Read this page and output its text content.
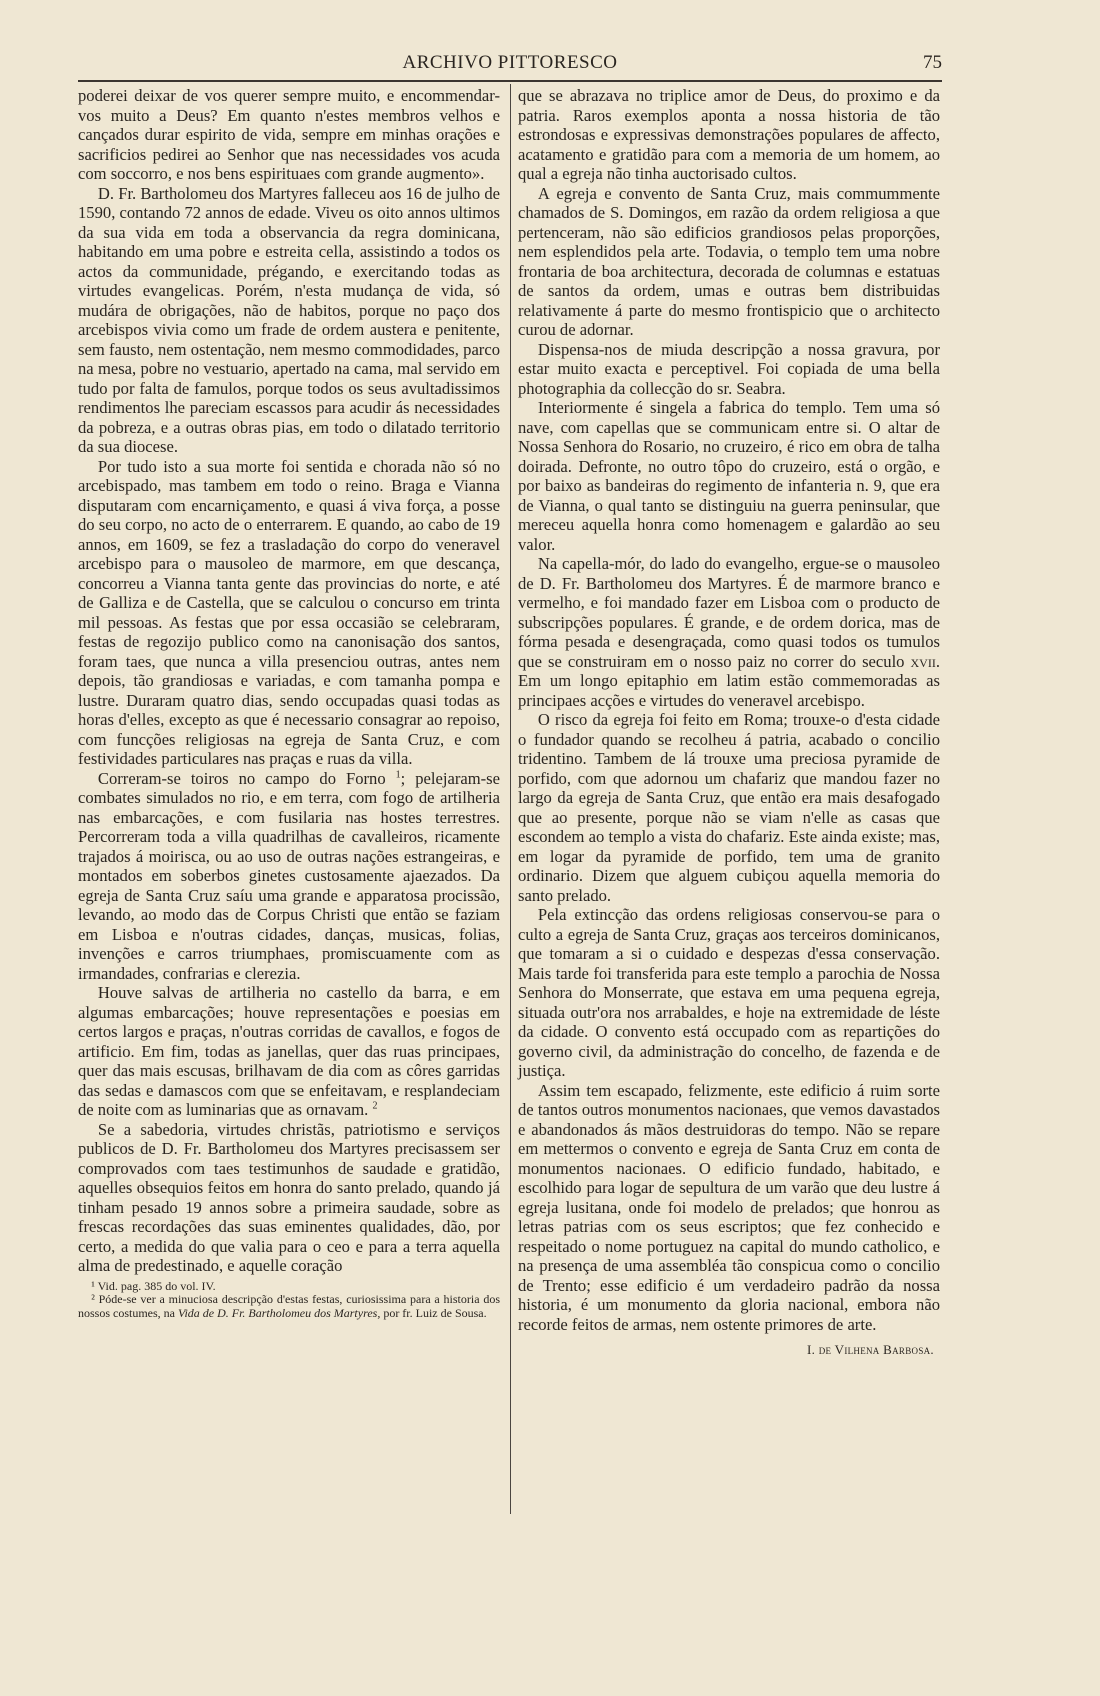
ARCHIVO PITTORESCO	75

poderei deixar de vos querer sempre muito, e encommendar-vos muito a Deus? Em quanto n'estes membros velhos e cançados durar espirito de vida, sempre em minhas orações e sacrificios pedirei ao Senhor que nas necessidades vos acuda com soccorro, e nos bens espirituaes com grande augmento».

D. Fr. Bartholomeu dos Martyres falleceu aos 16 de julho de 1590, contando 72 annos de edade. Viveu os oito annos ultimos da sua vida em toda a observancia da regra dominicana, habitando em uma pobre e estreita cella, assistindo a todos os actos da communidade, prégando, e exercitando todas as virtudes evangelicas. Porém, n'esta mudança de vida, só mudára de obrigações, não de habitos, porque no paço dos arcebispos vivia como um frade de ordem austera e penitente, sem fausto, nem ostentação, nem mesmo commodidades, parco na mesa, pobre no vestuario, apertado na cama, mal servido em tudo por falta de famulos, porque todos os seus avultadissimos rendimentos lhe pareciam escassos para acudir ás necessidades da pobreza, e a outras obras pias, em todo o dilatado territorio da sua diocese.

Por tudo isto a sua morte foi sentida e chorada não só no arcebispado, mas tambem em todo o reino. Braga e Vianna disputaram com encarniçamento, e quasi á viva força, a posse do seu corpo, no acto de o enterrarem. E quando, ao cabo de 19 annos, em 1609, se fez a trasladação do corpo do veneravel arcebispo para o mausoleo de marmore, em que descança, concorreu a Vianna tanta gente das provincias do norte, e até de Galliza e de Castella, que se calculou o concurso em trinta mil pessoas. As festas que por essa occasião se celebraram, festas de regozijo publico como na canonisação dos santos, foram taes, que nunca a villa presenciou outras, antes nem depois, tão grandiosas e variadas, e com tamanha pompa e lustre. Duraram quatro dias, sendo occupadas quasi todas as horas d'elles, excepto as que é necessario consagrar ao repoiso, com funcções religiosas na egreja de Santa Cruz, e com festividades particulares nas praças e ruas da villa.

Correram-se toiros no campo do Forno $^1$; pelejaram-se combates simulados no rio, e em terra, com fogo de artilheria nas embarcações, e com fusilaria nas hostes terrestres. Percorreram toda a villa quadrilhas de cavalleiros, ricamente trajados á moirisca, ou ao uso de outras nações estrangeiras, e montados em soberbos ginetes custosamente ajaezados. Da egreja de Santa Cruz saíu uma grande e apparatosa procissão, levando, ao modo das de Corpus Christi que então se faziam em Lisboa e n'outras cidades, danças, musicas, folias, invenções e carros triumphaes, promiscuamente com as irmandades, confrarias e clerezia.

Houve salvas de artilheria no castello da barra, e em algumas embarcações; houve representações e poesias em certos largos e praças, n'outras corridas de cavallos, e fogos de artificio. Em fim, todas as janellas, quer das ruas principaes, quer das mais escusas, brilhavam de dia com as côres garridas das sedas e damascos com que se enfeitavam, e resplandeciam de noite com as luminarias que as ornavam. $^2$

Se a sabedoria, virtudes christãs, patriotismo e serviços publicos de D. Fr. Bartholomeu dos Martyres precisassem ser comprovados com taes testimunhos de saudade e gratidão, aquelles obsequios feitos em honra do santo prelado, quando já tinham pesado 19 annos sobre a primeira saudade, sobre as frescas recordações das suas eminentes qualidades, dão, por certo, a medida do que valia para o ceo e para a terra aquella alma de predestinado, e aquelle coração

¹ Vid. pag. 385 do vol. IV.

² Póde-se ver a minuciosa descripção d'estas festas, curiosissima para a historia dos nossos costumes, na Vida de D. Fr. Bartholomeu dos Martyres, por fr. Luiz de Sousa.

que se abrazava no triplice amor de Deus, do proximo e da patria. Raros exemplos aponta a nossa historia de tão estrondosas e expressivas demonstrações populares de affecto, acatamento e gratidão para com a memoria de um homem, ao qual a egreja não tinha auctorisado cultos.

A egreja e convento de Santa Cruz, mais commummente chamados de S. Domingos, em razão da ordem religiosa a que pertenceram, não são edificios grandiosos pelas proporções, nem esplendidos pela arte. Todavia, o templo tem uma nobre frontaria de boa architectura, decorada de columnas e estatuas de santos da ordem, umas e outras bem distribuidas relativamente á parte do mesmo frontispicio que o architecto curou de adornar.

Dispensa-nos de miuda descripção a nossa gravura, por estar muito exacta e perceptivel. Foi copiada de uma bella photographia da collecção do sr. Seabra.

Interiormente é singela a fabrica do templo. Tem uma só nave, com capellas que se communicam entre si. O altar de Nossa Senhora do Rosario, no cruzeiro, é rico em obra de talha doirada. Defronte, no outro tôpo do cruzeiro, está o orgão, e por baixo as bandeiras do regimento de infanteria n. 9, que era de Vianna, o qual tanto se distinguiu na guerra peninsular, que mereceu aquella honra como homenagem e galardão ao seu valor.

Na capella-mór, do lado do evangelho, ergue-se o mausoleo de D. Fr. Bartholomeu dos Martyres. É de marmore branco e vermelho, e foi mandado fazer em Lisboa com o producto de subscripções populares. É grande, e de ordem dorica, mas de fórma pesada e desengraçada, como quasi todos os tumulos que se construiram em o nosso paiz no correr do seculo xvii. Em um longo epitaphio em latim estão commemoradas as principaes acções e virtudes do veneravel arcebispo.

O risco da egreja foi feito em Roma; trouxe-o d'esta cidade o fundador quando se recolheu á patria, acabado o concilio tridentino. Tambem de lá trouxe uma preciosa pyramide de porfido, com que adornou um chafariz que mandou fazer no largo da egreja de Santa Cruz, que então era mais desafogado que ao presente, porque não se viam n'elle as casas que escondem ao templo a vista do chafariz. Este ainda existe; mas, em logar da pyramide de porfido, tem uma de granito ordinario. Dizem que alguem cubiçou aquella memoria do santo prelado.

Pela extincção das ordens religiosas conservou-se para o culto a egreja de Santa Cruz, graças aos terceiros dominicanos, que tomaram a si o cuidado e despezas d'essa conservação. Mais tarde foi transferida para este templo a parochia de Nossa Senhora do Monserrate, que estava em uma pequena egreja, situada outr'ora nos arrabaldes, e hoje na extremidade de léste da cidade. O convento está occupado com as repartições do governo civil, da administração do concelho, de fazenda e de justiça.

Assim tem escapado, felizmente, este edificio á ruim sorte de tantos outros monumentos nacionaes, que vemos davastados e abandonados ás mãos destruidoras do tempo. Não se repare em mettermos o convento e egreja de Santa Cruz em conta de monumentos nacionaes. O edificio fundado, habitado, e escolhido para logar de sepultura de um varão que deu lustre á egreja lusitana, onde foi modelo de prelados; que honrou as letras patrias com os seus escriptos; que fez conhecido e respeitado o nome portuguez na capital do mundo catholico, e na presença de uma assembléa tão conspicua como o concilio de Trento; esse edificio é um verdadeiro padrão da nossa historia, é um monumento da gloria nacional, embora não recorde feitos de armas, nem ostente primores de arte.

I. de Vilhena Barbosa.
